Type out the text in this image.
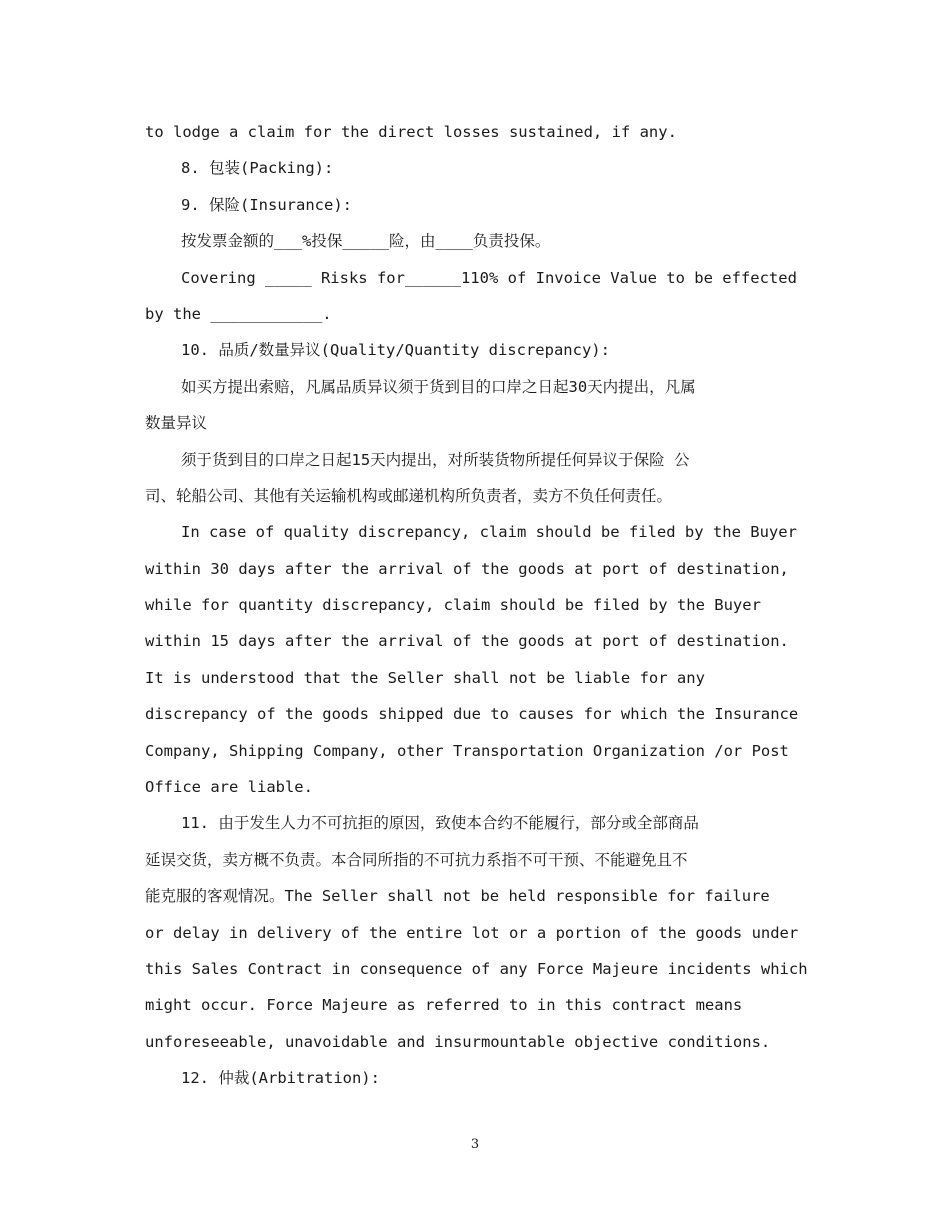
to lodge a claim for the direct losses sustained, if any.
8. 包装(Packing):
9. 保险(Insurance):
按发票金额的___%投保_____险，由____负责投保。
Covering _____ Risks for______110% of Invoice Value to be effected
by the ____________.
10. 品质/数量异议(Quality/Quantity discrepancy):
如买方提出索赔，凡属品质异议须于货到目的口岸之日起30天内提出，凡属
数量异议
须于货到目的口岸之日起15天内提出，对所装货物所提任何异议于保险 公
司、轮船公司、其他有关运输机构或邮递机构所负责者，卖方不负任何责任。
In case of quality discrepancy, claim should be filed by the Buyer
within 30 days after the arrival of the goods at port of destination,
while for quantity discrepancy, claim should be filed by the Buyer
within 15 days after the arrival of the goods at port of destination.
It is understood that the Seller shall not be liable for any
discrepancy of the goods shipped due to causes for which the Insurance
Company, Shipping Company, other Transportation Organization /or Post
Office are liable.
11. 由于发生人力不可抗拒的原因，致使本合约不能履行，部分或全部商品
延误交货，卖方概不负责。本合同所指的不可抗力系指不可干预、不能避免且不
能克服的客观情况。The Seller shall not be held responsible for failure
or delay in delivery of the entire lot or a portion of the goods under
this Sales Contract in consequence of any Force Majeure incidents which
might occur. Force Majeure as referred to in this contract means
unforeseeable, unavoidable and insurmountable objective conditions.
12. 仲裁(Arbitration):
3
